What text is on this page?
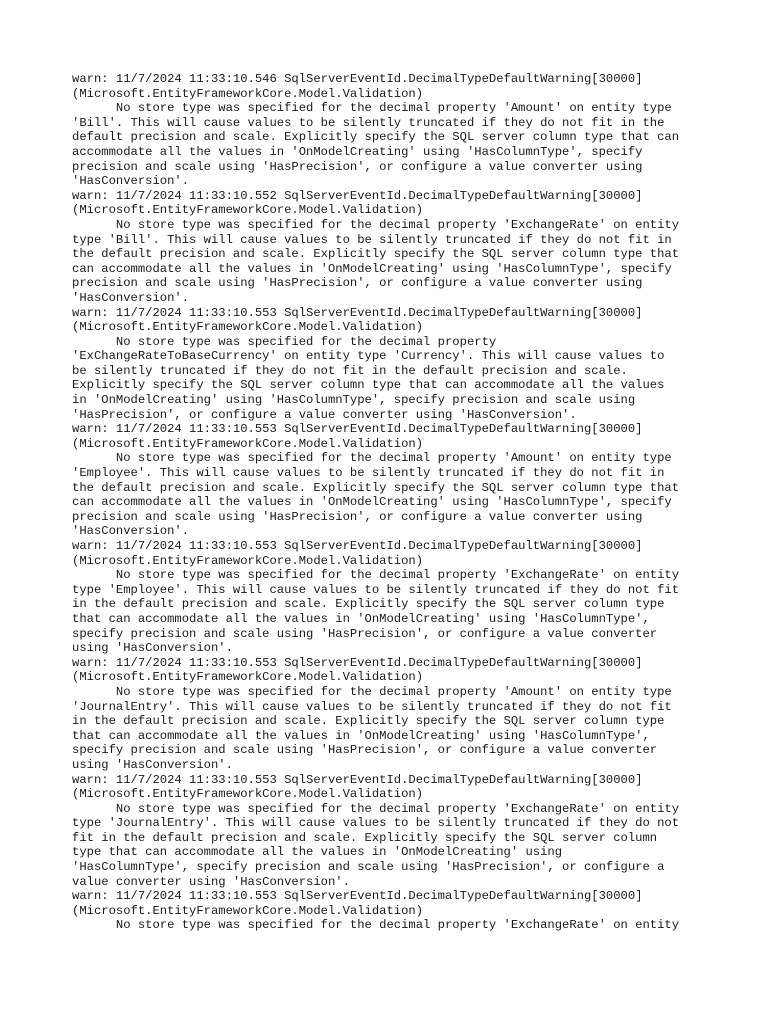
warn: 11/7/2024 11:33:10.546 SqlServerEventId.DecimalTypeDefaultWarning[30000]
(Microsoft.EntityFrameworkCore.Model.Validation)
No store type was specified for the decimal property 'Amount' on entity type
'Bill'. This will cause values to be silently truncated if they do not fit in the
default precision and scale. Explicitly specify the SQL server column type that can
accommodate all the values in 'OnModelCreating' using 'HasColumnType', specify
precision and scale using 'HasPrecision', or configure a value converter using
'HasConversion'.
warn: 11/7/2024 11:33:10.552 SqlServerEventId.DecimalTypeDefaultWarning[30000]
(Microsoft.EntityFrameworkCore.Model.Validation)
No store type was specified for the decimal property 'ExchangeRate' on entity
type 'Bill'. This will cause values to be silently truncated if they do not fit in
the default precision and scale. Explicitly specify the SQL server column type that
can accommodate all the values in 'OnModelCreating' using 'HasColumnType', specify
precision and scale using 'HasPrecision', or configure a value converter using
'HasConversion'.
warn: 11/7/2024 11:33:10.553 SqlServerEventId.DecimalTypeDefaultWarning[30000]
(Microsoft.EntityFrameworkCore.Model.Validation)
No store type was specified for the decimal property
'ExChangeRateToBaseCurrency' on entity type 'Currency'. This will cause values to
be silently truncated if they do not fit in the default precision and scale.
Explicitly specify the SQL server column type that can accommodate all the values
in 'OnModelCreating' using 'HasColumnType', specify precision and scale using
'HasPrecision', or configure a value converter using 'HasConversion'.
warn: 11/7/2024 11:33:10.553 SqlServerEventId.DecimalTypeDefaultWarning[30000]
(Microsoft.EntityFrameworkCore.Model.Validation)
No store type was specified for the decimal property 'Amount' on entity type
'Employee'. This will cause values to be silently truncated if they do not fit in
the default precision and scale. Explicitly specify the SQL server column type that
can accommodate all the values in 'OnModelCreating' using 'HasColumnType', specify
precision and scale using 'HasPrecision', or configure a value converter using
'HasConversion'.
warn: 11/7/2024 11:33:10.553 SqlServerEventId.DecimalTypeDefaultWarning[30000]
(Microsoft.EntityFrameworkCore.Model.Validation)
No store type was specified for the decimal property 'ExchangeRate' on entity
type 'Employee'. This will cause values to be silently truncated if they do not fit
in the default precision and scale. Explicitly specify the SQL server column type
that can accommodate all the values in 'OnModelCreating' using 'HasColumnType',
specify precision and scale using 'HasPrecision', or configure a value converter
using 'HasConversion'.
warn: 11/7/2024 11:33:10.553 SqlServerEventId.DecimalTypeDefaultWarning[30000]
(Microsoft.EntityFrameworkCore.Model.Validation)
No store type was specified for the decimal property 'Amount' on entity type
'JournalEntry'. This will cause values to be silently truncated if they do not fit
in the default precision and scale. Explicitly specify the SQL server column type
that can accommodate all the values in 'OnModelCreating' using 'HasColumnType',
specify precision and scale using 'HasPrecision', or configure a value converter
using 'HasConversion'.
warn: 11/7/2024 11:33:10.553 SqlServerEventId.DecimalTypeDefaultWarning[30000]
(Microsoft.EntityFrameworkCore.Model.Validation)
No store type was specified for the decimal property 'ExchangeRate' on entity
type 'JournalEntry'. This will cause values to be silently truncated if they do not
fit in the default precision and scale. Explicitly specify the SQL server column
type that can accommodate all the values in 'OnModelCreating' using
'HasColumnType', specify precision and scale using 'HasPrecision', or configure a
value converter using 'HasConversion'.
warn: 11/7/2024 11:33:10.553 SqlServerEventId.DecimalTypeDefaultWarning[30000]
(Microsoft.EntityFrameworkCore.Model.Validation)
No store type was specified for the decimal property 'ExchangeRate' on entity
